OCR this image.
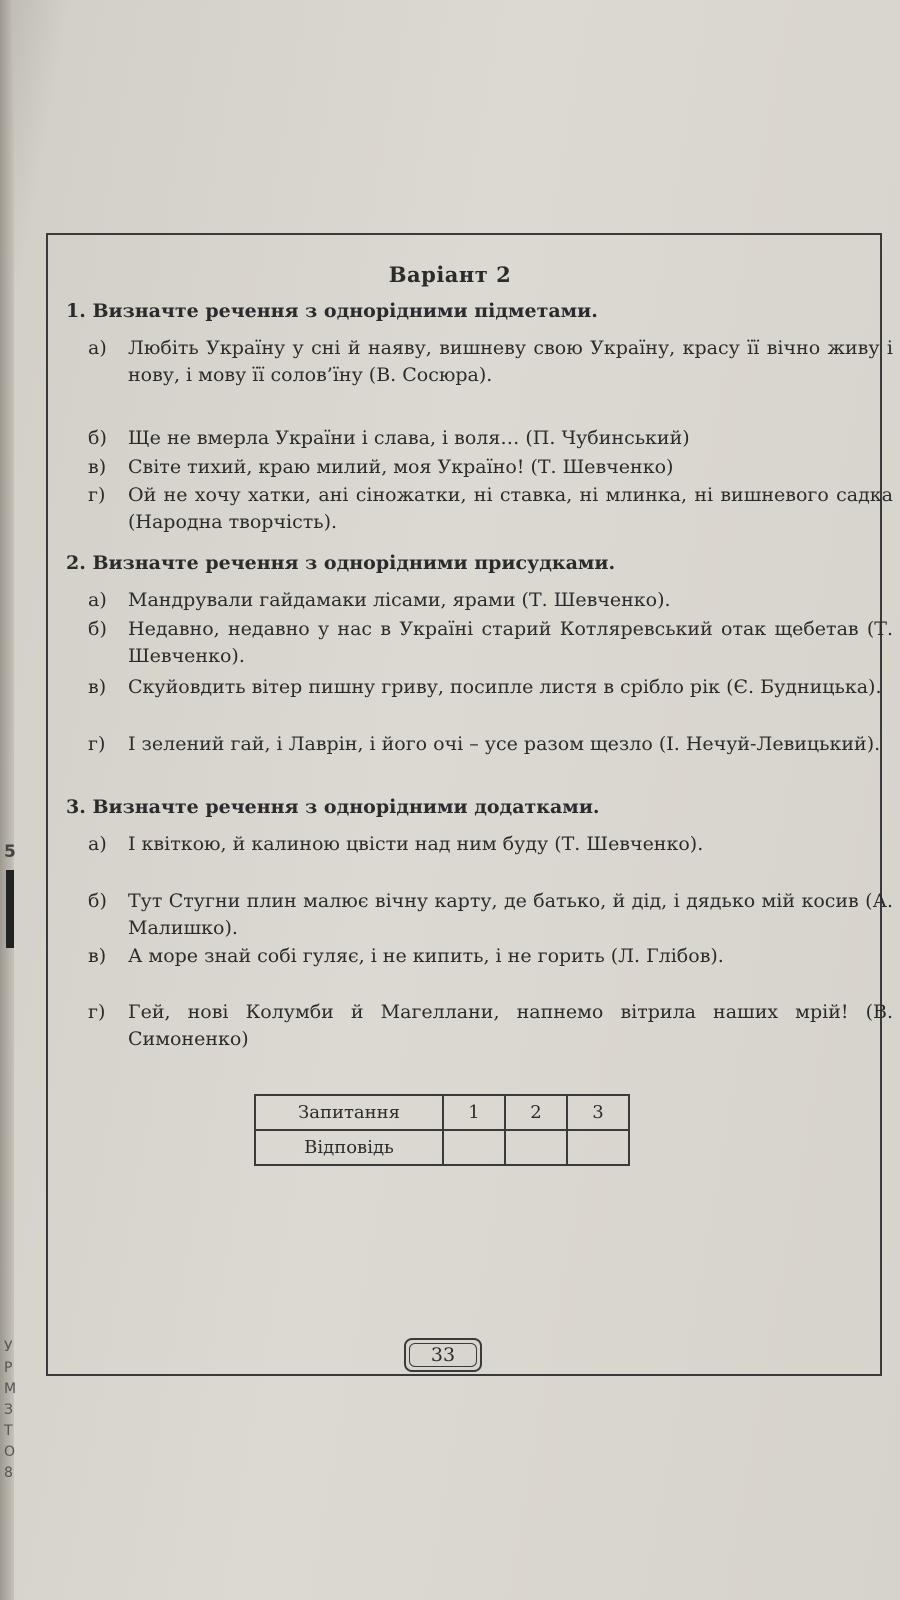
5
У
Р
М
З
Т
О
8
Варіант 2
1. Визначте речення з однорідними підметами.
а) Любіть Україну у сні й наяву, вишневу свою Україну, красу її вічно живу і нову, і мову її солов’їну (В. Сосюра).
б) Ще не вмерла України і слава, і воля… (П. Чубинський)
в) Світе тихий, краю милий, моя Україно! (Т. Шевченко)
г) Ой не хочу хатки, ані сіножатки, ні ставка, ні млинка, ні вишневого садка (Народна творчість).
2. Визначте речення з однорідними присудками.
а) Мандрували гайдамаки лісами, ярами (Т. Шевченко).
б) Недавно, недавно у нас в Україні старий Котляревський отак щебетав (Т. Шевченко).
в) Скуйовдить вітер пишну гриву, посипле листя в срібло рік (Є. Будницька).
г) І зелений гай, і Лаврін, і його очі – усе разом щезло (І. Нечуй-Левицький).
3. Визначте речення з однорідними додатками.
а) І квіткою, й калиною цвісти над ним буду (Т. Шевченко).
б) Тут Стугни плин малює вічну карту, де батько, й дід, і дядько мій косив (А. Малишко).
в) А море знай собі гуляє, і не кипить, і не горить (Л. Глібов).
г) Гей, нові Колумби й Магеллани, напнемо вітрила наших мрій! (В. Симоненко)
Запитання	1	2	3
Відповідь			
33
